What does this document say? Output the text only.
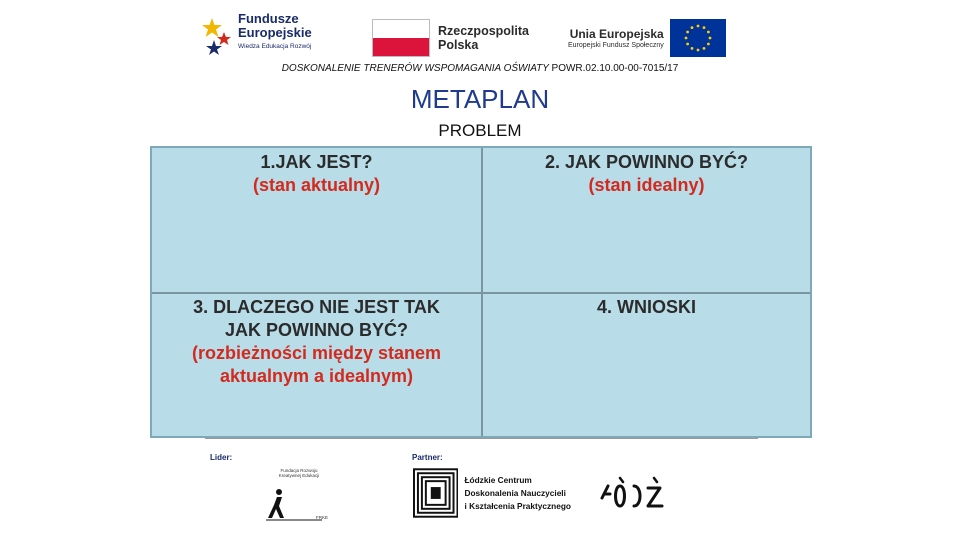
Fundusze
Europejskie
Wiedza Edukacja Rozwój
Rzeczpospolita
Polska
Unia Europejska
Europejski Fundusz Społeczny
DOSKONALENIE TRENERÓW WSPOMAGANIA OŚWIATY POWR.02.10.00-00-7015/17
METAPLAN
PROBLEM
1.JAK JEST?
(stan aktualny)
2. JAK POWINNO BYĆ?
(stan idealny)
3. DLACZEGO NIE JEST TAK
JAK POWINNO BYĆ?
(rozbieżności między stanem
aktualnym a idealnym)
4. WNIOSKI
Lider:	Partner:
Fundacja Rozwoju Kreatywnej Edukacji
FRKE
Łódzkie Centrum
Doskonalenia Nauczycieli
i Kształcenia Praktycznego
